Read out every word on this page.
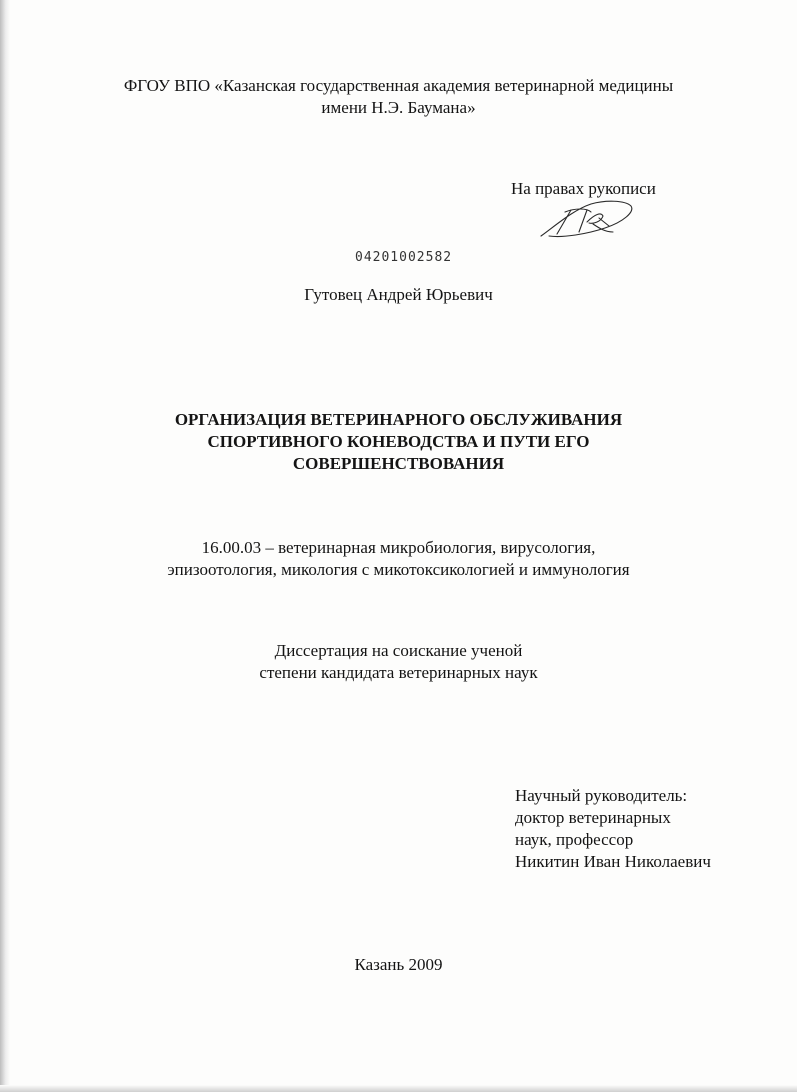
ФГОУ ВПО «Казанская государственная академия ветеринарной медицины
имени Н.Э. Баумана»
На правах рукописи
04201002582
Гутовец Андрей Юрьевич
ОРГАНИЗАЦИЯ ВЕТЕРИНАРНОГО ОБСЛУЖИВАНИЯ
СПОРТИВНОГО КОНЕВОДСТВА И ПУТИ ЕГО
СОВЕРШЕНСТВОВАНИЯ
16.00.03 – ветеринарная микробиология, вирусология,
эпизоотология, микология с микотоксикологией и иммунология
Диссертация на соискание ученой
степени кандидата ветеринарных наук
Научный руководитель:
доктор ветеринарных
наук, профессор
Никитин Иван Николаевич
Казань 2009
